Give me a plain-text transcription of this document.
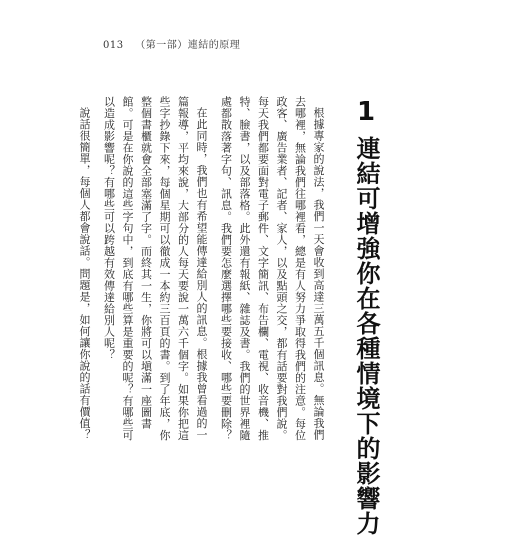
013 （第一部）連結的原理
1
連結可增強你在各種情境下的影響力

根據專家的說法，我們一天會收到高達三萬五千個訊息。無論我們去哪裡，無論我們往哪裡看，總是有人努力爭取得我們的注意。每位政客、廣告業者、記者、家人，以及點頭之交，都有話要對我們說。每天我們都要面對電子郵件、文字簡訊、布告欄、電視、收音機、推特、臉書，以及部落格。此外還有報紙、雜誌及書。我們的世界裡隨處都散落著字句、訊息。我們要怎麼選擇哪些要接收、哪些要刪除？

在此同時，我們也有希望能傳達給別人的訊息。根據我曾看過的一篇報導，平均來說，大部分的人每天要說一萬六千個字。如果你把這些字抄錄下來，每個星期可以徹成一本約三百頁的書。到了年底，你整個書櫃就會全部塞滿了字。而終其一生，你將可以塡滿一座圖書館。可是在你說的這些字句中，到底有哪些算是重要的呢？有哪些可以造成影響呢？有哪些可以跨越有效傳達給別人呢？

說話很簡單，每個人都會說話。問題是，如何讓你說的話有價值？
